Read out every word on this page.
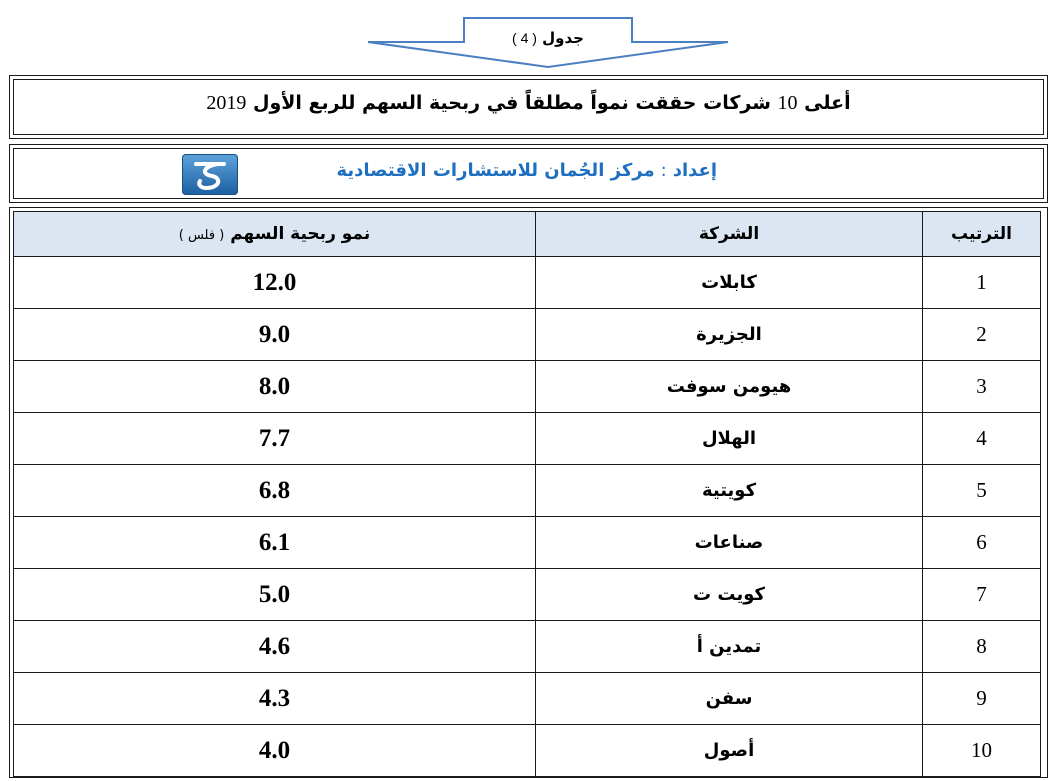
جدول ( 4 )
أعلى 10 شركات حققت نمواً مطلقاً في ربحية السهم للربع الأول 2019
إعداد:مركز الجُمان للاستشارات الاقتصادية
الترتيب	الشركة	نمو ربحية السهم ( فلس )
1	كابلات	12.0
2	الجزيرة	9.0
3	هيومن سوفت	8.0
4	الهلال	7.7
5	كويتية	6.8
6	صناعات	6.1
7	كويت ت	5.0
8	تمدين أ	4.6
9	سفن	4.3
10	أصول	4.0
